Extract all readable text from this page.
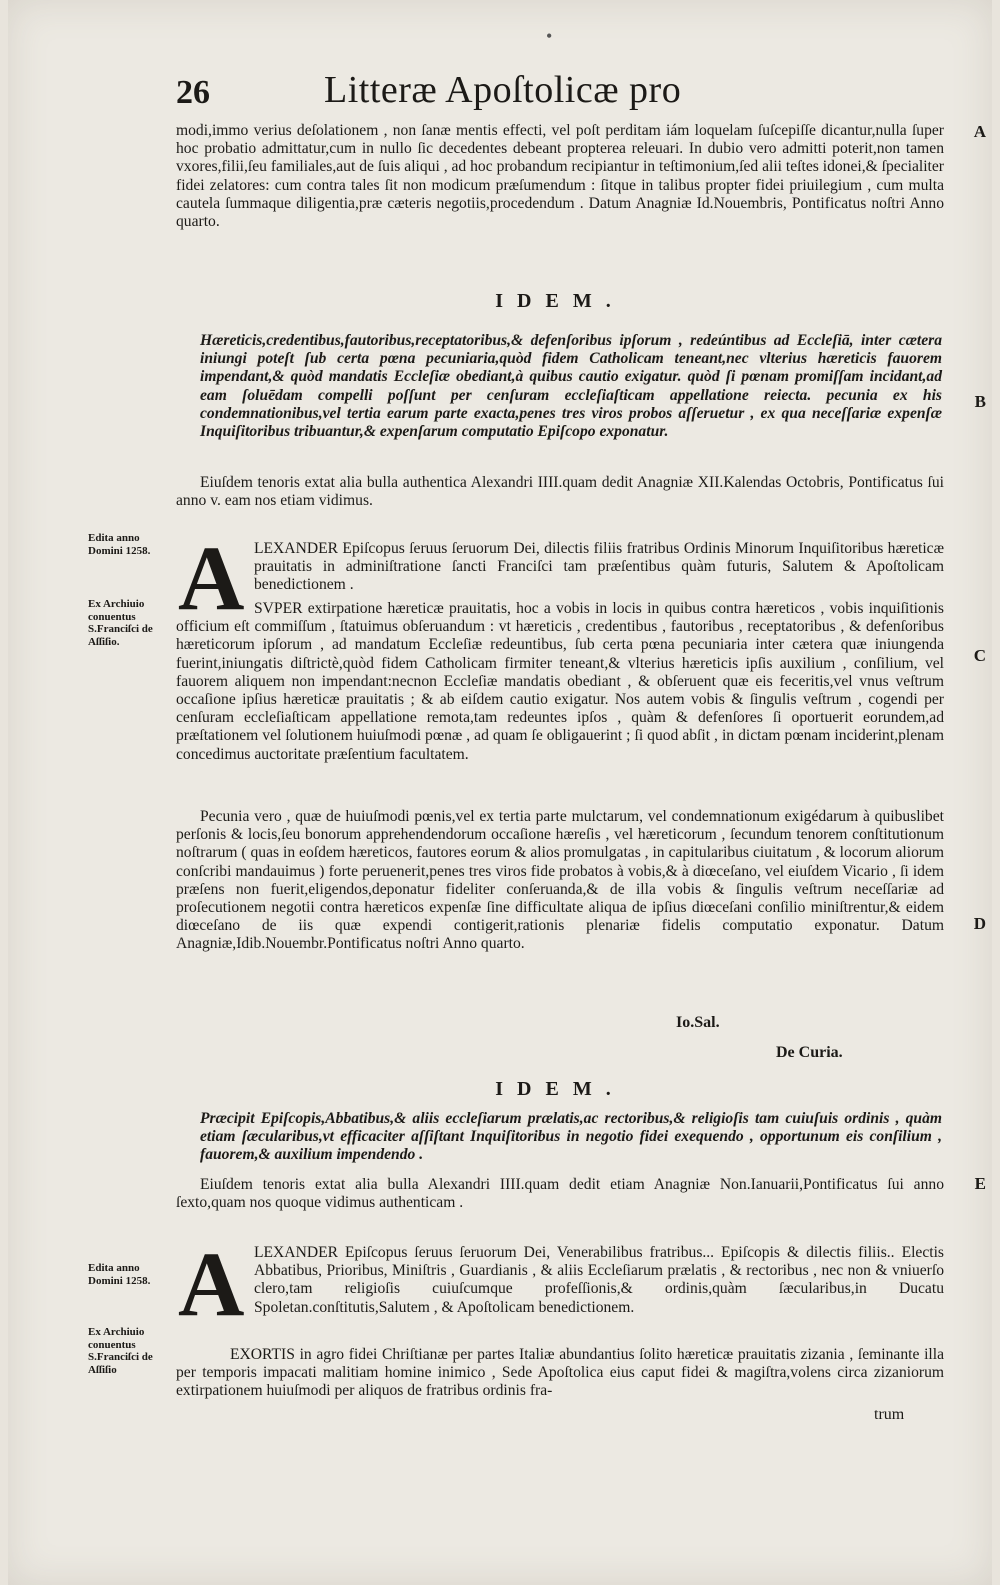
•
26	Litteræ Apoſtolicæ pro
A
B
C
D
E
modi,immo verius deſolationem , non ſanæ mentis effecti, vel poſt perditam iám loquelam ſuſcepiſſe dicantur,nulla ſuper hoc probatio admittatur,cum in nullo ſic decedentes debeant propterea releuari. In dubio vero admitti poterit,non tamen vxores,filii,ſeu familiales,aut de ſuis aliqui , ad hoc probandum recipiantur in teſtimonium,ſed alii teſtes idonei,& ſpecialiter fidei zelatores: cum contra tales ſit non modicum præſumendum : ſitque in talibus propter fidei priuilegium , cum multa cautela ſummaque diligentia,præ cæteris negotiis,procedendum . Datum Anagniæ Id.Nouembris, Pontificatus noſtri Anno quarto.
IDEM.
Hæreticis,credentibus,fautoribus,receptatoribus,& defenſoribus ipſorum , redeúntibus ad Eccleſiā, inter cætera iniungi poteſt ſub certa pœna pecuniaria,quòd fidem Catholicam teneant,nec vlterius hæreticis fauorem impendant,& quòd mandatis Eccleſiæ obediant,à quibus cautio exigatur. quòd ſi pœnam promiſſam incidant,ad eam ſoluēdam compelli poſſunt per cenſuram eccleſiaſticam appellatione reiecta. pecunia ex his condemnationibus,vel tertia earum parte exacta,penes tres viros probos aſſeruetur , ex qua neceſſariæ expenſæ Inquiſitoribus tribuantur,& expenſarum computatio Epiſcopo exponatur.
Eiuſdem tenoris extat alia bulla authentica Alexandri IIII.quam dedit Anagniæ XII.Kalendas Octobris, Pontificatus ſui anno v. eam nos etiam vidimus.
Edita anno Domini 1258.
Ex Archiuio conuentus S.Franciſci de Aſſiſio.
A LEXANDER Epiſcopus ſeruus ſeruorum Dei, dilectis filiis fratribus Ordinis Minorum Inquiſitoribus hæreticæ prauitatis in adminiſtratione ſancti Franciſci tam præſentibus quàm futuris, Salutem & Apoſtolicam benedictionem .
SVPER extirpatione hæreticæ prauitatis, hoc a vobis in locis in quibus contra hæreticos , vobis inquiſitionis officium eſt commiſſum , ſtatuimus obſeruandum : vt hæreticis , credentibus , fautoribus , receptatoribus , & defenſoribus hæreticorum ipſorum , ad mandatum Eccleſiæ redeuntibus, ſub certa pœna pecuniaria inter cætera quæ iniungenda fuerint,iniungatis diſtrictè,quòd fidem Catholicam firmiter teneant,& vlterius hæreticis ipſis auxilium , conſilium, vel fauorem aliquem non impendant:necnon Eccleſiæ mandatis obediant , & obſeruent quæ eis feceritis,vel vnus veſtrum occaſione ipſius hæreticæ prauitatis ; & ab eiſdem cautio exigatur. Nos autem vobis & ſingulis veſtrum , cogendi per cenſuram eccleſiaſticam appellatione remota,tam redeuntes ipſos , quàm & defenſores ſi oportuerit eorundem,ad præſtationem vel ſolutionem huiuſmodi pœnæ , ad quam ſe obligauerint ; ſi quod abſit , in dictam pœnam inciderint,plenam concedimus auctoritate præſentium facultatem.
Pecunia vero , quæ de huiuſmodi pœnis,vel ex tertia parte mulctarum, vel condemnationum exigédarum à quibuslibet perſonis & locis,ſeu bonorum apprehendendorum occaſione hæreſis , vel hæreticorum , ſecundum tenorem conſtitutionum noſtrarum ( quas in eoſdem hæreticos, fautores eorum & alios promulgatas , in capitularibus ciuitatum , & locorum aliorum conſcribi mandauimus ) forte peruenerit,penes tres viros fide probatos à vobis,& à diœceſano, vel eiuſdem Vicario , ſi idem præſens non fuerit,eligendos,deponatur fideliter conſeruanda,& de illa vobis & ſingulis veſtrum neceſſariæ ad proſecutionem negotii contra hæreticos expenſæ ſine difficultate aliqua de ipſius diœceſani conſilio miniſtrentur,& eidem diœceſano de iis quæ expendi contigerit,rationis plenariæ fidelis computatio exponatur. Datum Anagniæ,Idib.Nouembr.Pontificatus noſtri Anno quarto.
Io.Sal.
De Curia.
IDEM.
Præcipit Epiſcopis,Abbatibus,& aliis eccleſiarum prælatis,ac rectoribus,& religioſis tam cuiuſuis ordinis , quàm etiam ſæcularibus,vt efficaciter aſſiſtant Inquiſitoribus in negotio fidei exequendo , opportunum eis conſilium , fauorem,& auxilium impendendo .
Eiuſdem tenoris extat alia bulla Alexandri IIII.quam dedit etiam Anagniæ Non.Ianuarii,Pontificatus ſui anno ſexto,quam nos quoque vidimus authenticam .
Edita anno Domini 1258.
Ex Archiuio conuentus S.Franciſci de Aſſiſio
A LEXANDER Epiſcopus ſeruus ſeruorum Dei, Venerabilibus fratribus... Epiſcopis & dilectis filiis.. Electis Abbatibus, Prioribus, Miniſtris , Guardianis , & aliis Eccleſiarum prælatis , & rectoribus , nec non & vniuerſo clero,tam religioſis cuiuſcumque profeſſionis,& ordinis,quàm ſæcularibus,in Ducatu Spoletan.conſtitutis,Salutem , & Apoſtolicam benedictionem.
EXORTIS in agro fidei Chriſtianæ per partes Italiæ abundantius ſolito hæreticæ prauitatis zizania , ſeminante illa per temporis impacati malitiam homine inimico , Sede Apoſtolica eius caput fidei & magiſtra,volens circa zizaniorum extirpationem huiuſmodi per aliquos de fratribus ordinis fra-
trum
